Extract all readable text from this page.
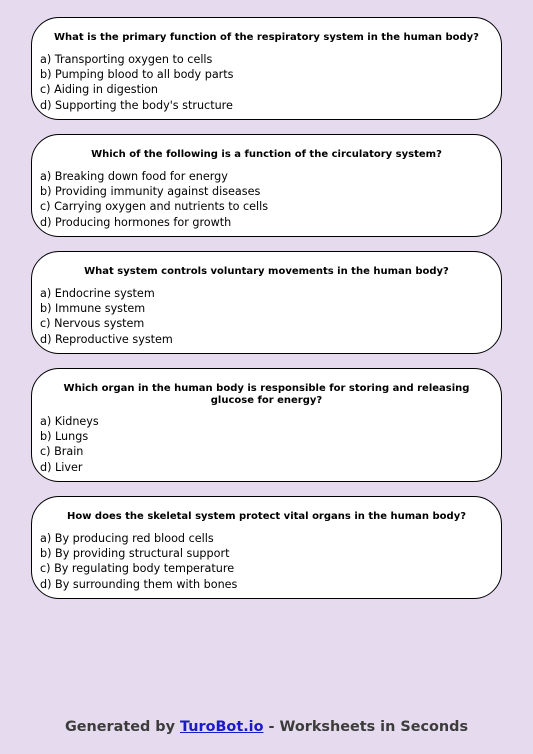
What is the primary function of the respiratory system in the human body?
a) Transporting oxygen to cells
b) Pumping blood to all body parts
c) Aiding in digestion
d) Supporting the body's structure
Which of the following is a function of the circulatory system?
a) Breaking down food for energy
b) Providing immunity against diseases
c) Carrying oxygen and nutrients to cells
d) Producing hormones for growth
What system controls voluntary movements in the human body?
a) Endocrine system
b) Immune system
c) Nervous system
d) Reproductive system
Which organ in the human body is responsible for storing and releasing glucose for energy?
a) Kidneys
b) Lungs
c) Brain
d) Liver
How does the skeletal system protect vital organs in the human body?
a) By producing red blood cells
b) By providing structural support
c) By regulating body temperature
d) By surrounding them with bones
Generated by TuroBot.io - Worksheets in Seconds
